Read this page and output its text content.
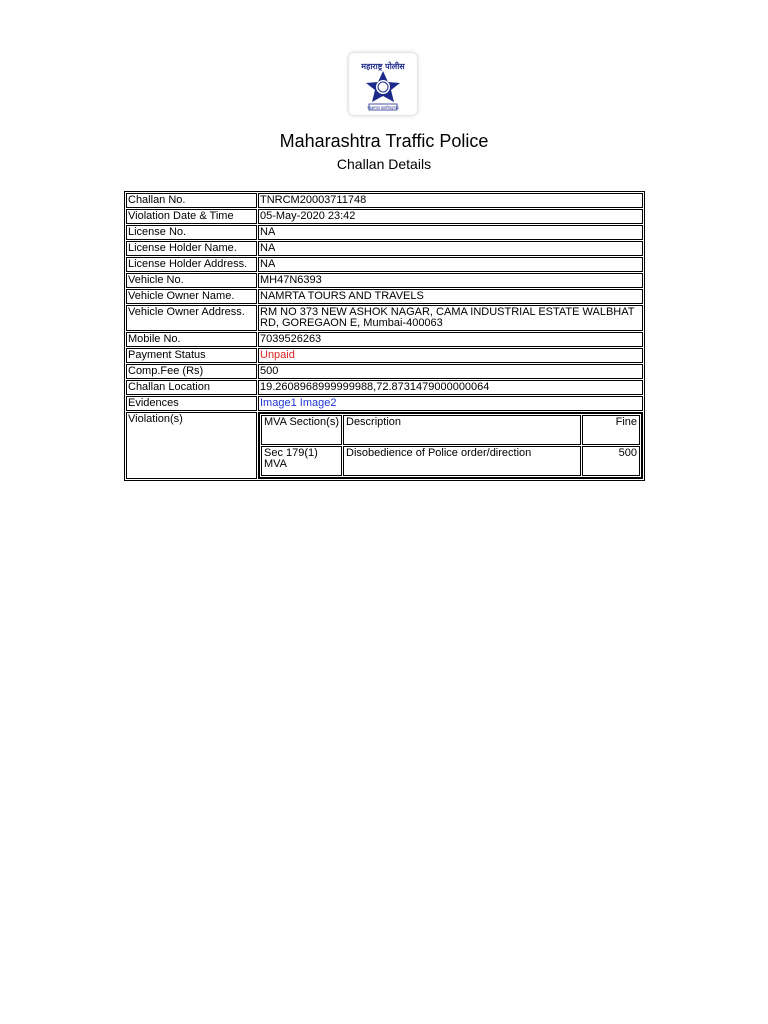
महाराष्ट्र पोलीस
सद्रक्षणाय खलनिग्रहणाय
Maharashtra Traffic Police
Challan Details
Challan No.	TNRCM20003711748
Violation Date & Time	05-May-2020 23:42
License No.	NA
License Holder Name.	NA
License Holder Address.	NA
Vehicle No.	MH47N6393
Vehicle Owner Name.	NAMRTA TOURS AND TRAVELS
Vehicle Owner Address.	RM NO 373 NEW ASHOK NAGAR, CAMA INDUSTRIAL ESTATE WALBHAT RD, GOREGAON E, Mumbai-400063
Mobile No.	7039526263
Payment Status	Unpaid
Comp.Fee (Rs)	500
Challan Location	19.2608968999999988,72.8731479000000064
Evidences	Image1 Image2
Violation(s)		MVA Section(s)	Description	Fine
Sec 179(1) MVA	Disobedience of Police order/direction	500
